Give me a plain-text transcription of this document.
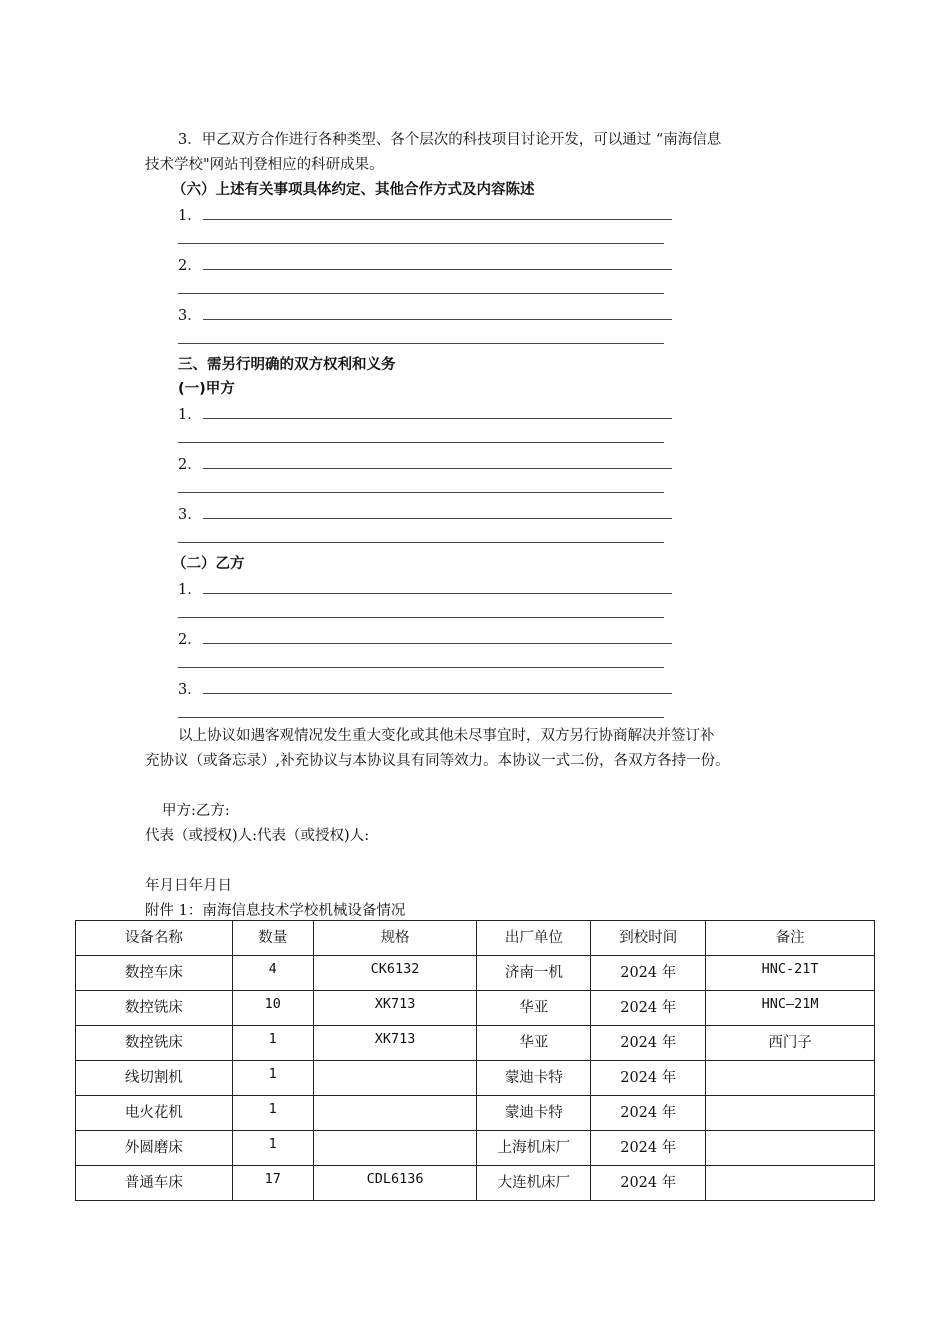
3．甲乙双方合作进行各种类型、各个层次的科技项目讨论开发，可以通过 “南海信息
技术学校"网站刊登相应的科研成果。
（六）上述有关事项具体约定、其他合作方式及内容陈述
1．
2．
3．
三、需另行明确的双方权利和义务
(一)甲方
1．
2．
3．
（二）乙方
1．
2．
3．
以上协议如遇客观情况发生重大变化或其他未尽事宜时，双方另行协商解决并签订补
充协议（或备忘录）,补充协议与本协议具有同等效力。本协议一式二份，各双方各持一份。
甲方:乙方:
代表（或授权)人:代表（或授权)人:
年月日年月日
附件 1：南海信息技术学校机械设备情况
设备名称	数量	规格	出厂单位	到校时间	备注

数控车床	4	CK6132	济南一机	2024 年	HNC-21T

数控铣床	10	XK713	华亚	2024 年	HNC—21M

数控铣床	1	XK713	华亚	2024 年	西门子

线切割机	1		蒙迪卡特	2024 年	

电火花机	1		蒙迪卡特	2024 年	

外圆磨床	1		上海机床厂	2024 年	

普通车床	17	CDL6136	大连机床厂	2024 年	
